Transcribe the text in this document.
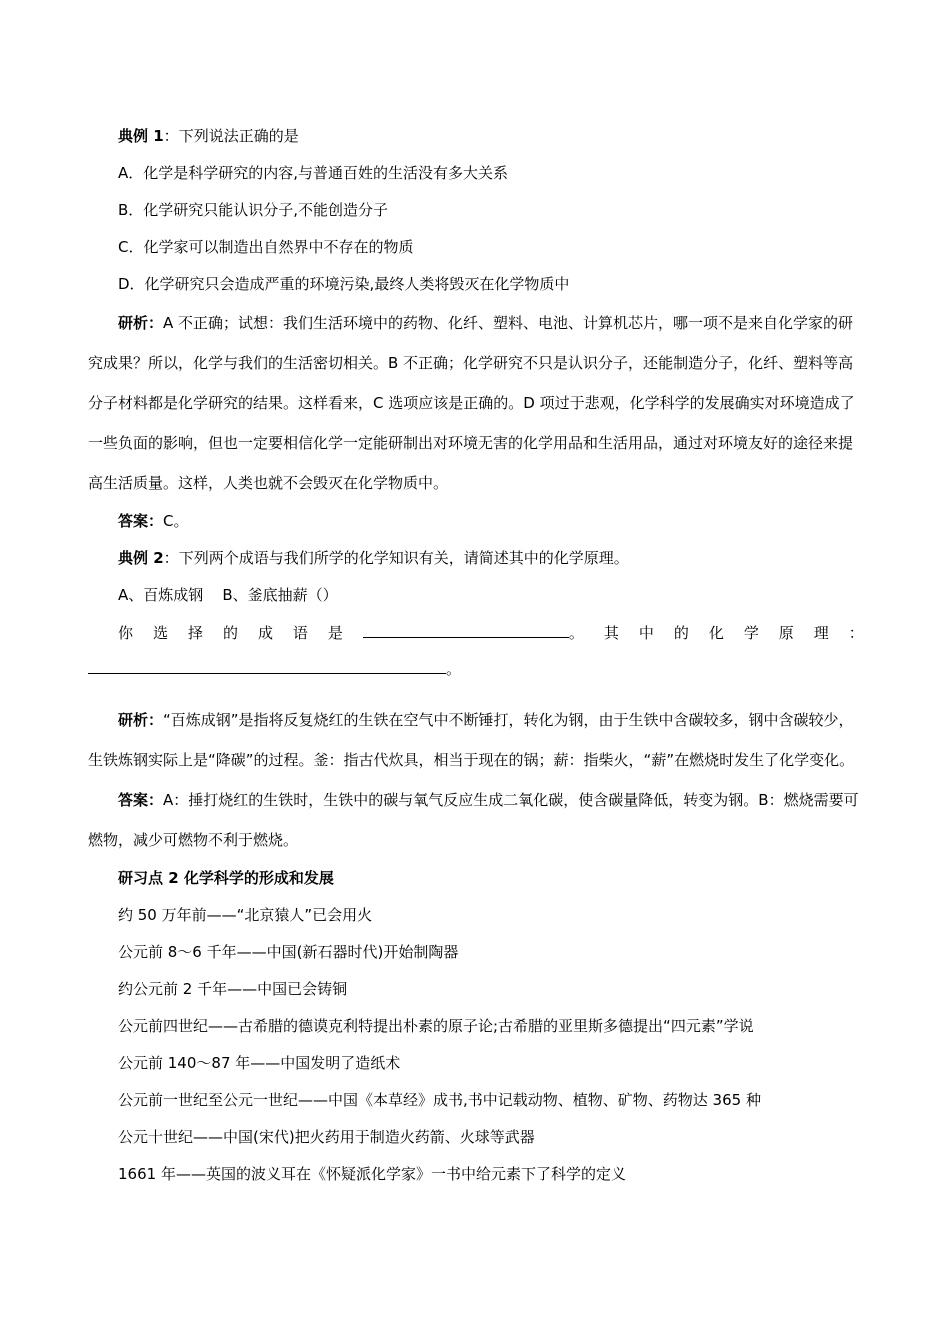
典例 1：下列说法正确的是

A．化学是科学研究的内容,与普通百姓的生活没有多大关系

B．化学研究只能认识分子,不能创造分子

C．化学家可以制造出自然界中不存在的物质

D．化学研究只会造成严重的环境污染,最终人类将毁灭在化学物质中

研析：A 不正确；试想：我们生活环境中的药物、化纤、塑料、电池、计算机芯片，哪一项不是来自化学家的研究成果？所以，化学与我们的生活密切相关。B 不正确；化学研究不只是认识分子，还能制造分子，化纤、塑料等高分子材料都是化学研究的结果。这样看来，C 选项应该是正确的。D 项过于悲观，化学科学的发展确实对环境造成了一些负面的影响，但也一定要相信化学一定能研制出对环境无害的化学用品和生活用品，通过对环境友好的途径来提高生活质量。这样，人类也就不会毁灭在化学物质中。

答案：C。

典例 2：下列两个成语与我们所学的化学知识有关，请简述其中的化学原理。

A、百炼成钢    B、釜底抽薪（）

你 选 择 的 成 语 是	。 其 中 的 化 学 原 理 ：
。

研析：“百炼成钢”是指将反复烧红的生铁在空气中不断锤打，转化为钢，由于生铁中含碳较多，钢中含碳较少，生铁炼钢实际上是“降碳”的过程。釜：指古代炊具，相当于现在的锅；薪：指柴火，“薪”在燃烧时发生了化学变化。

答案：A：捶打烧红的生铁时，生铁中的碳与氧气反应生成二氧化碳，使含碳量降低，转变为钢。B：燃烧需要可燃物，减少可燃物不利于燃烧。

研习点 2 化学科学的形成和发展

约 50 万年前——“北京猿人”已会用火

公元前 8～6 千年——中国(新石器时代)开始制陶器

约公元前 2 千年——中国已会铸铜

公元前四世纪——古希腊的德谟克利特提出朴素的原子论;古希腊的亚里斯多德提出“四元素”学说

公元前 140～87 年——中国发明了造纸术

公元前一世纪至公元一世纪——中国《本草经》成书,书中记载动物、植物、矿物、药物达 365 种

公元十世纪——中国(宋代)把火药用于制造火药箭、火球等武器

1661 年——英国的波义耳在《怀疑派化学家》一书中给元素下了科学的定义
